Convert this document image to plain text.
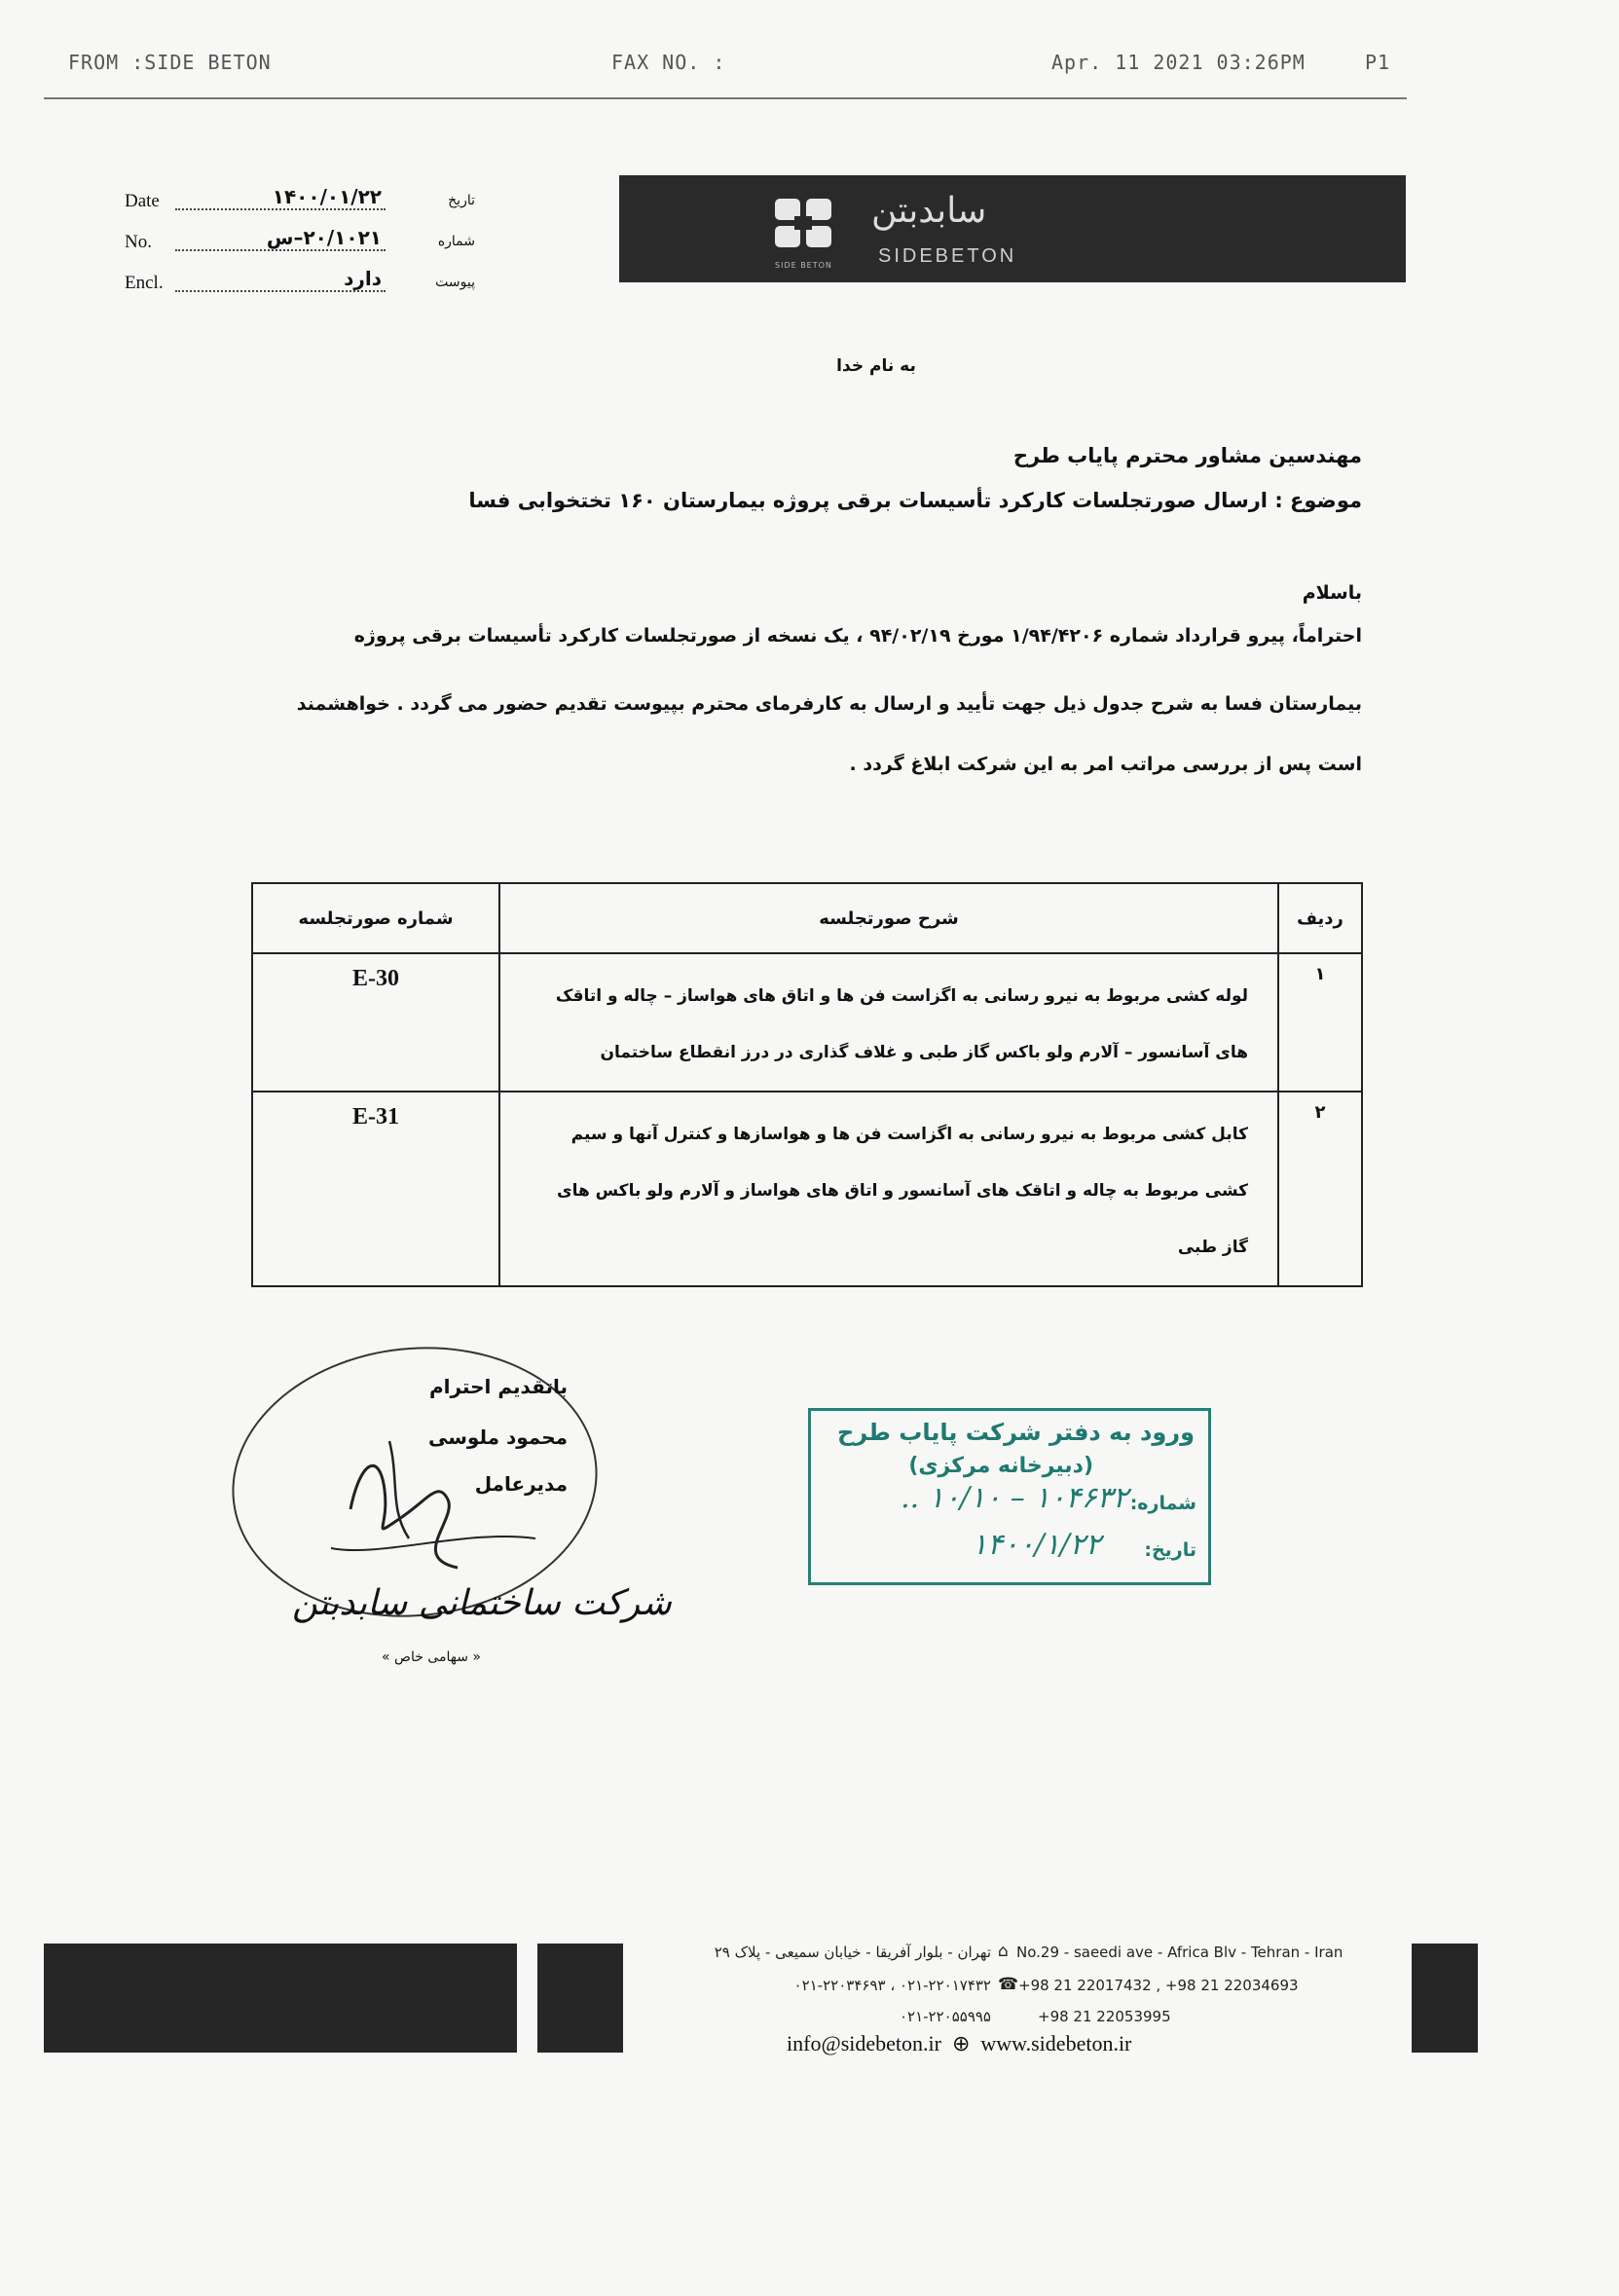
FROM :SIDE BETON	FAX NO. :	Apr. 11 2021 03:26PM	P1
Date	۱۴۰۰/۰۱/۲۲	تاریخ
No.	۲۰/۱۰۲۱–س	شماره
Encl.	دارد	پیوست
SIDE BETON
سابدبتن
SIDEBETON
به نام خدا
مهندسین مشاور محترم پایاب طرح
موضوع : ارسال صورتجلسات کارکرد تأسیسات برقی پروژه بیمارستان ۱۶۰ تختخوابی فسا
باسلام
احتراماً، پیرو قرارداد شماره ۱/۹۴/۴۲۰۶ مورخ ۹۴/۰۲/۱۹ ، یک نسخه از صورتجلسات کارکرد تأسیسات برقی پروژه
بیمارستان فسا به شرح جدول ذیل جهت تأیید و ارسال به کارفرمای محترم بپیوست تقدیم حضور می گردد . خواهشمند
است پس از بررسی مراتب امر به این شرکت ابلاغ گردد .
ردیف	شرح صورتجلسه	شماره صورتجلسه
۱	لوله کشی مربوط به نیرو رسانی به اگزاست فن ها و اتاق های هواساز – چاله و اتاقک
های آسانسور – آلارم ولو باکس گاز طبی و غلاف گذاری در درز انقطاع ساختمان	E-30
۲	کابل کشی مربوط به نیرو رسانی به اگزاست فن ها و هواسازها و کنترل آنها و سیم
کشی مربوط به چاله و اتاقک های آسانسور و اتاق های هواساز و آلارم ولو باکس های
گاز طبی	E-31
باتقدیم احترام
محمود ملوسی
مدیرعامل
شرکت ساختمانی سابدبتن
« سهامی خاص »
ورود به دفتر شرکت پایاب طرح
(دبیرخانه مرکزی)
شماره:
۱۰۴۶۳۲ – ۱۰/۱۰ ..
تاریخ:
۱۴۰۰/۱/۲۲
تهران - بلوار آفریقا - خیابان سمیعی - پلاک ۲۹ ⌂ No.29 - saeedi ave - Africa Blv - Tehran - Iran
۰۲۱-۲۲۰۱۷۴۳۲ ، ۰۲۱-۲۲۰۳۴۶۹۳ ☎ +98 21 22017432 , +98 21 22034693
۰۲۱-۲۲۰۵۵۹۹۵	+98 21 22053995
info@sidebeton.ir  ⊕  www.sidebeton.ir
